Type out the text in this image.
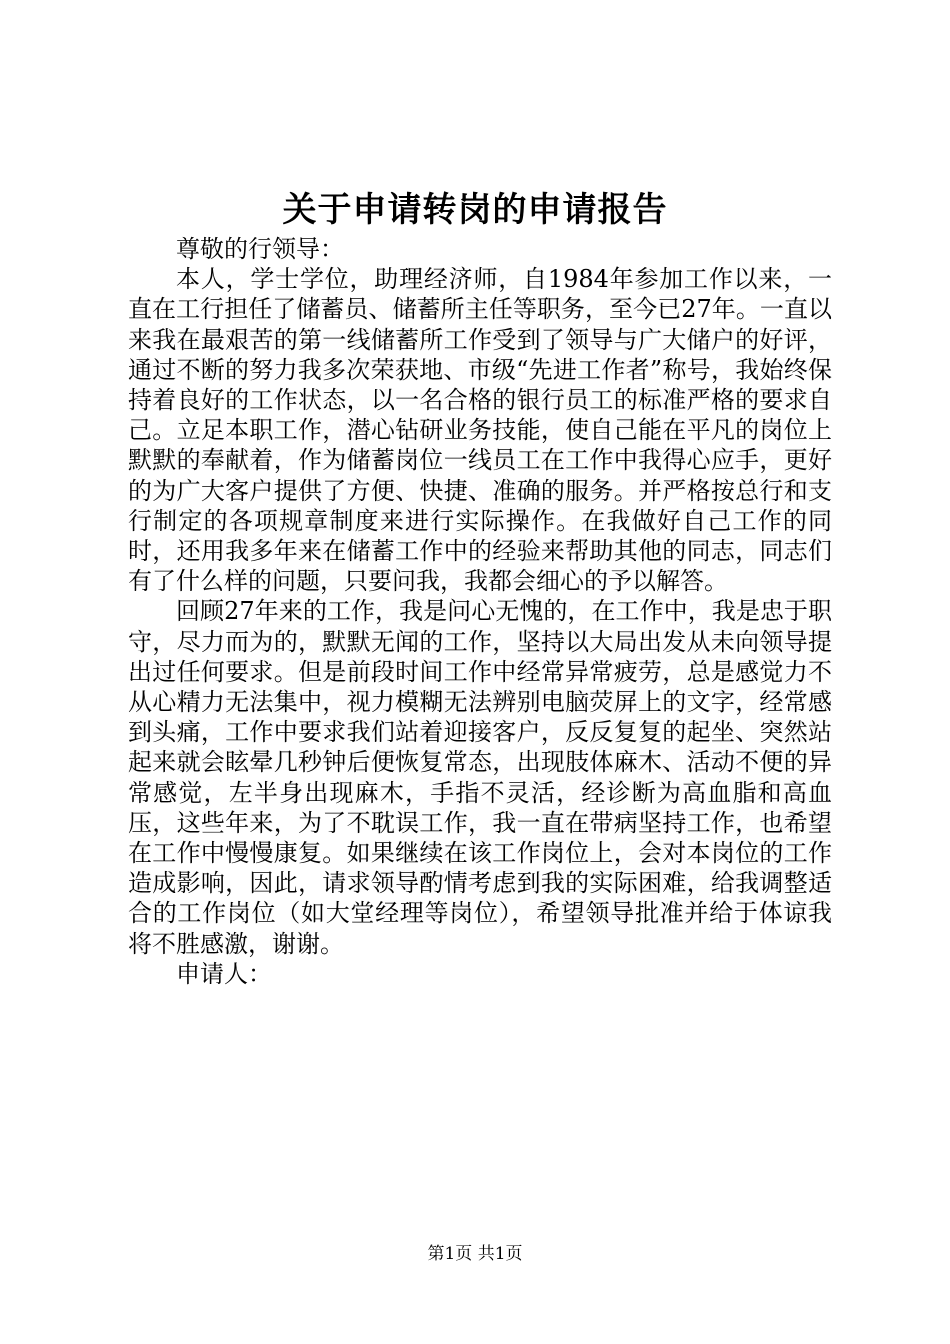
关于申请转岗的申请报告

尊敬的行领导：

本人，学士学位，助理经济师，自1984年参加工作以来，一直在工行担任了储蓄员、储蓄所主任等职务，至今已27年。一直以来我在最艰苦的第一线储蓄所工作受到了领导与广大储户的好评，通过不断的努力我多次荣获地、市级“先进工作者”称号，我始终保持着良好的工作状态，以一名合格的银行员工的标准严格的要求自己。立足本职工作，潜心钻研业务技能，使自己能在平凡的岗位上默默的奉献着，作为储蓄岗位一线员工在工作中我得心应手，更好的为广大客户提供了方便、快捷、准确的服务。并严格按总行和支行制定的各项规章制度来进行实际操作。在我做好自己工作的同时，还用我多年来在储蓄工作中的经验来帮助其他的同志，同志们有了什么样的问题，只要问我，我都会细心的予以解答。

回顾27年来的工作，我是问心无愧的，在工作中，我是忠于职守，尽力而为的，默默无闻的工作，坚持以大局出发从未向领导提出过任何要求。但是前段时间工作中经常异常疲劳，总是感觉力不从心精力无法集中，视力模糊无法辨别电脑荧屏上的文字，经常感到头痛，工作中要求我们站着迎接客户，反反复复的起坐、突然站起来就会眩晕几秒钟后便恢复常态，出现肢体麻木、活动不便的异常感觉，左半身出现麻木，手指不灵活，经诊断为高血脂和高血压，这些年来，为了不耽误工作，我一直在带病坚持工作，也希望在工作中慢慢康复。如果继续在该工作岗位上，会对本岗位的工作造成影响，因此，请求领导酌情考虑到我的实际困难，给我调整适合的工作岗位（如大堂经理等岗位），希望领导批准并给于体谅我将不胜感激，谢谢。

申请人：

第1页 共1页
